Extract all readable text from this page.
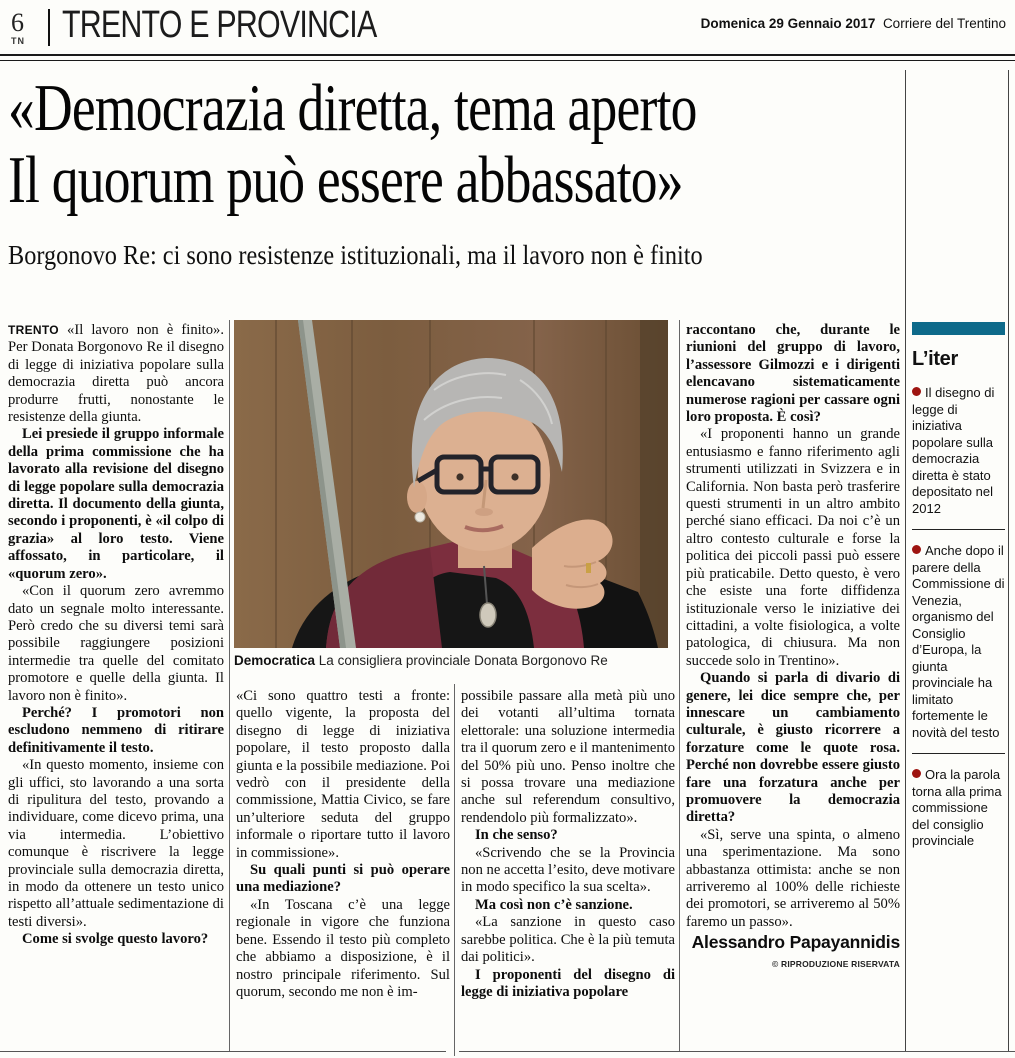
6
TN TRENTO E PROVINCIA	Domenica 29 Gennaio 2017 Corriere del Trentino
«Democrazia diretta, tema aperto
Il quorum può essere abbassato»
Borgonovo Re: ci sono resistenze istituzionali, ma il lavoro non è finito
Democratica La consigliera provinciale Donata Borgonovo Re

TRENTO «Il lavoro non è finito». Per Donata Borgonovo Re il disegno di legge di iniziativa popolare sulla democrazia diretta può ancora produrre frutti, nonostante le resistenze della giunta.

Lei presiede il gruppo informale della prima commissione che ha lavorato alla revisione del disegno di legge popolare sulla democrazia diretta. Il documento della giunta, secondo i proponenti, è «il colpo di grazia» al loro testo. Viene affossato, in particolare, il «quorum zero».

«Con il quorum zero avremmo dato un segnale molto interessante. Però credo che su diversi temi sarà possibile raggiungere posizioni intermedie tra quelle del comitato promotore e quelle della giunta. Il lavoro non è finito».

Perché? I promotori non escludono nemmeno di ritirare definitivamente il testo.

«In questo momento, insieme con gli uffici, sto lavorando a una sorta di ripulitura del testo, provando a individuare, come dicevo prima, una via intermedia. L’obiettivo comunque è riscrivere la legge provinciale sulla democrazia diretta, in modo da ottenere un testo unico rispetto all’attuale sedimentazione di testi diversi».

Come si svolge questo lavoro?

«Ci sono quattro testi a fronte: quello vigente, la proposta del disegno di legge di iniziativa popolare, il testo proposto dalla giunta e la possibile mediazione. Poi vedrò con il presidente della commissione, Mattia Civico, se fare un’ulteriore seduta del gruppo informale o riportare tutto il lavoro in commissione».

Su quali punti si può operare una mediazione?

«In Toscana c’è una legge regionale in vigore che funziona bene. Essendo il testo più completo che abbiamo a disposizione, è il nostro principale riferimento. Sul quorum, secondo me non è im-

possibile passare alla metà più uno dei votanti all’ultima tornata elettorale: una soluzione intermedia tra il quorum zero e il mantenimento del 50% più uno. Penso inoltre che si possa trovare una mediazione anche sul referendum consultivo, rendendolo più formalizzato».

In che senso?

«Scrivendo che se la Provincia non ne accetta l’esito, deve motivare in modo specifico la sua scelta».

Ma così non c’è sanzione.

«La sanzione in questo caso sarebbe politica. Che è la più temuta dai politici».

I proponenti del disegno di legge di iniziativa popolare

raccontano che, durante le riunioni del gruppo di lavoro, l’assessore Gilmozzi e i dirigenti elencavano sistematicamente numerose ragioni per cassare ogni loro proposta. È così?

«I proponenti hanno un grande entusiasmo e fanno riferimento agli strumenti utilizzati in Svizzera e in California. Non basta però trasferire questi strumenti in un altro ambito perché siano efficaci. Da noi c’è un altro contesto culturale e forse la politica dei piccoli passi può essere più praticabile. Detto questo, è vero che esiste una forte diffidenza istituzionale verso le iniziative dei cittadini, a volte fisiologica, a volte patologica, di chiusura. Ma non succede solo in Trentino».

Quando si parla di divario di genere, lei dice sempre che, per innescare un cambiamento culturale, è giusto ricorrere a forzature come le quote rosa. Perché non dovrebbe essere giusto fare una forzatura anche per promuovere la democrazia diretta?

«Sì, serve una spinta, o almeno una sperimentazione. Ma sono abbastanza ottimista: anche se non arriveremo al 100% delle richieste dei promotori, se arriveremo al 50% faremo un passo».

Alessandro Papayannidis
© RIPRODUZIONE RISERVATA
L’iter
Il disegno di legge di iniziativa popolare sulla democrazia diretta è stato depositato nel 2012
Anche dopo il parere della Commissione di Venezia, organismo del Consiglio d’Europa, la giunta provinciale ha limitato fortemente le novità del testo
Ora la parola torna alla prima commissione del consiglio provinciale
